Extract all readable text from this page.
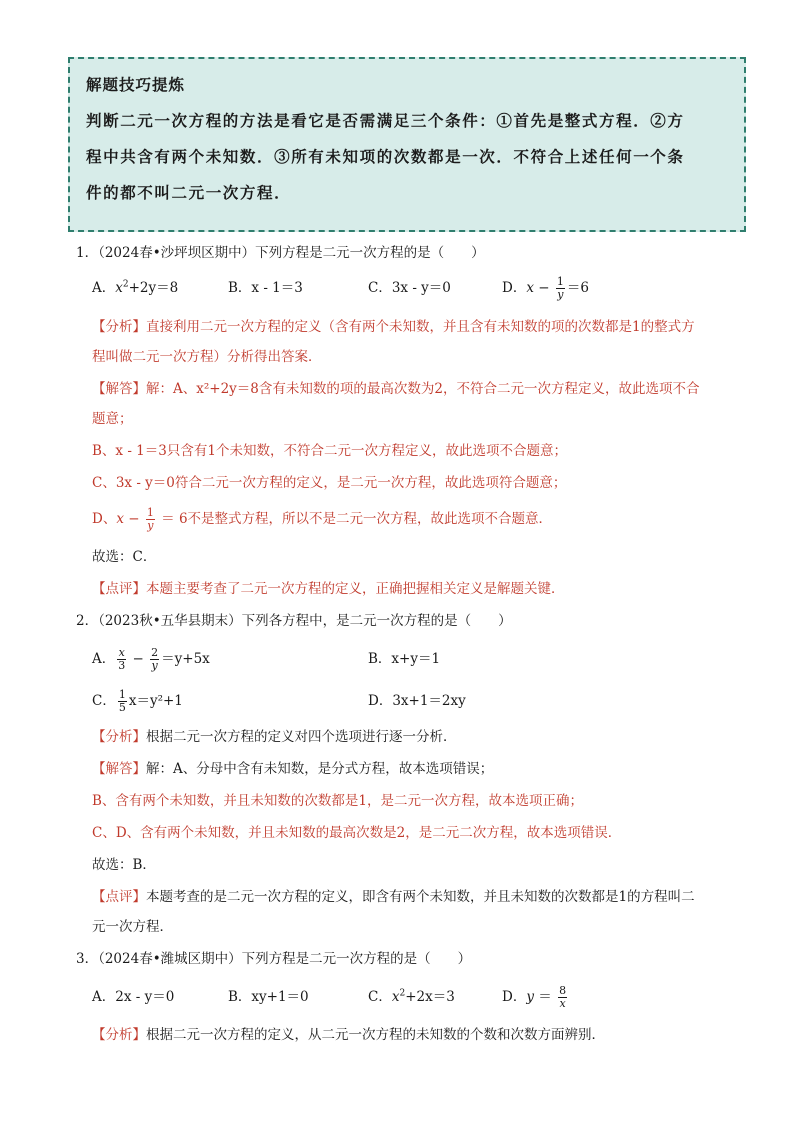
解题技巧提炼
判断二元一次方程的方法是看它是否需满足三个条件：①首先是整式方程．②方
程中共含有两个未知数．③所有未知项的次数都是一次．不符合上述任何一个条
件的都不叫二元一次方程．
1．（2024春•沙坪坝区期中）下列方程是二元一次方程的是（　　）
A．$x^2+2y=8$	B．x - 1＝3	C．3x - y＝0	D．$x - \frac{1}{y} =6$
【分析】直接利用二元一次方程的定义（含有两个未知数，并且含有未知数的项的次数都是1的整式方
程叫做二元一次方程）分析得出答案．
【解答】解：A、x²+2y＝8含有未知数的项的最高次数为2，不符合二元一次方程定义，故此选项不合
题意；
B、x - 1＝3只含有1个未知数，不符合二元一次方程定义，故此选项不合题意；
C、3x - y＝0符合二元一次方程的定义，是二元一次方程，故此选项符合题意；
D、$x - \frac{1}{y} = 6$不是整式方程，所以不是二元一次方程，故此选项不合题意．
故选：C．
【点评】本题主要考查了二元一次方程的定义，正确把握相关定义是解题关键．
2．（2023秋•五华县期末）下列各方程中，是二元一次方程的是（　　）
A． $\frac{x}{3} - \frac{2}{y} =y+5x$	B．x+y＝1
C． $\frac{1}{5} x=y^2+1$	D．3x+1＝2xy
【分析】根据二元一次方程的定义对四个选项进行逐一分析．
【解答】解：A、分母中含有未知数，是分式方程，故本选项错误；
B、含有两个未知数，并且未知数的次数都是1，是二元一次方程，故本选项正确；
C、D、含有两个未知数，并且未知数的最高次数是2，是二元二次方程，故本选项错误．
故选：B．
【点评】本题考查的是二元一次方程的定义，即含有两个未知数，并且未知数的次数都是1的方程叫二
元一次方程．
3．（2024春•潍城区期中）下列方程是二元一次方程的是（　　）
A．2x - y＝0	B．xy+1＝0	C．$x^2+2x=3$	D．$y = \frac{8}{x}$
【分析】根据二元一次方程的定义，从二元一次方程的未知数的个数和次数方面辨别．
